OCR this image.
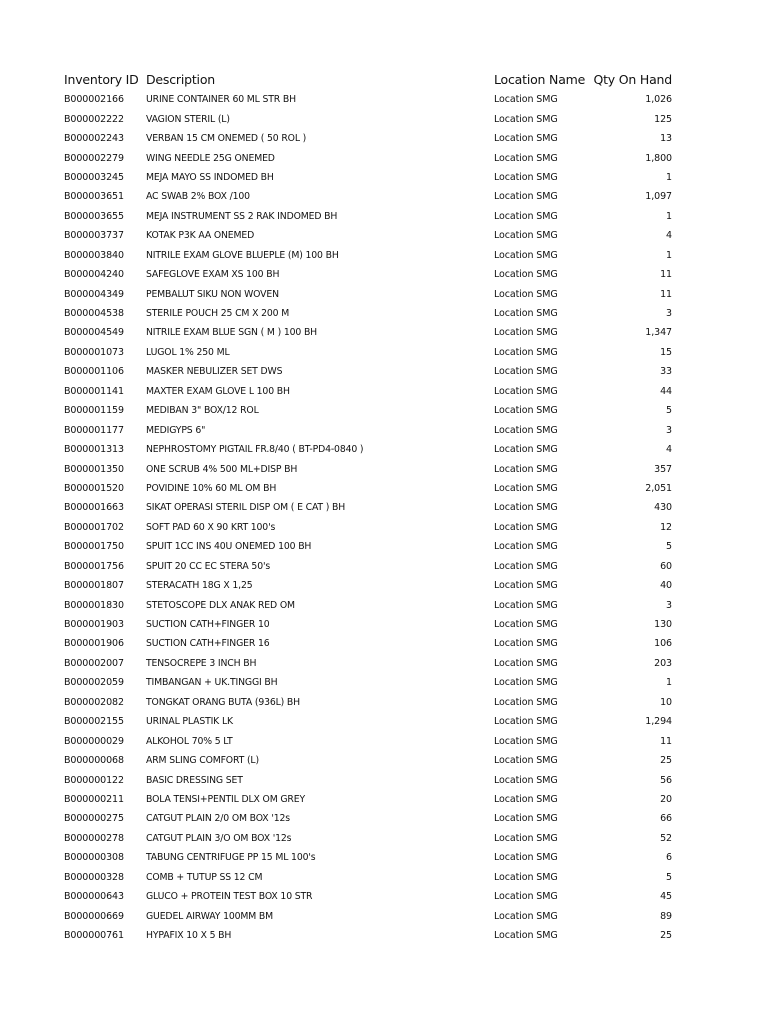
Inventory ID	Description	Location Name	Qty On Hand
B000002166	URINE CONTAINER 60 ML STR BH	Location SMG	1,026
B000002222	VAGION STERIL (L)	Location SMG	125
B000002243	VERBAN 15 CM ONEMED ( 50 ROL )	Location SMG	13
B000002279	WING NEEDLE 25G ONEMED	Location SMG	1,800
B000003245	MEJA MAYO SS INDOMED BH	Location SMG	1
B000003651	AC SWAB 2% BOX /100	Location SMG	1,097
B000003655	MEJA INSTRUMENT SS 2 RAK INDOMED BH	Location SMG	1
B000003737	KOTAK P3K AA ONEMED	Location SMG	4
B000003840	NITRILE EXAM GLOVE BLUEPLE (M) 100 BH	Location SMG	1
B000004240	SAFEGLOVE EXAM XS 100 BH	Location SMG	11
B000004349	PEMBALUT SIKU NON WOVEN	Location SMG	11
B000004538	STERILE POUCH 25 CM X 200 M	Location SMG	3
B000004549	NITRILE EXAM BLUE SGN ( M ) 100 BH	Location SMG	1,347
B000001073	LUGOL 1% 250 ML	Location SMG	15
B000001106	MASKER NEBULIZER SET DWS	Location SMG	33
B000001141	MAXTER EXAM GLOVE L 100 BH	Location SMG	44
B000001159	MEDIBAN 3" BOX/12 ROL	Location SMG	5
B000001177	MEDIGYPS 6"	Location SMG	3
B000001313	NEPHROSTOMY PIGTAIL FR.8/40 ( BT-PD4-0840 )	Location SMG	4
B000001350	ONE SCRUB 4% 500 ML+DISP BH	Location SMG	357
B000001520	POVIDINE 10% 60 ML OM BH	Location SMG	2,051
B000001663	SIKAT OPERASI STERIL DISP OM ( E CAT ) BH	Location SMG	430
B000001702	SOFT PAD 60 X 90 KRT 100's	Location SMG	12
B000001750	SPUIT 1CC INS 40U ONEMED 100 BH	Location SMG	5
B000001756	SPUIT 20 CC EC STERA 50's	Location SMG	60
B000001807	STERACATH 18G X 1,25	Location SMG	40
B000001830	STETOSCOPE DLX ANAK RED OM	Location SMG	3
B000001903	SUCTION CATH+FINGER 10	Location SMG	130
B000001906	SUCTION CATH+FINGER 16	Location SMG	106
B000002007	TENSOCREPE 3 INCH BH	Location SMG	203
B000002059	TIMBANGAN + UK.TINGGI BH	Location SMG	1
B000002082	TONGKAT ORANG BUTA (936L) BH	Location SMG	10
B000002155	URINAL PLASTIK LK	Location SMG	1,294
B000000029	ALKOHOL 70% 5 LT	Location SMG	11
B000000068	ARM SLING COMFORT (L)	Location SMG	25
B000000122	BASIC DRESSING SET	Location SMG	56
B000000211	BOLA TENSI+PENTIL DLX OM GREY	Location SMG	20
B000000275	CATGUT PLAIN 2/0 OM BOX '12s	Location SMG	66
B000000278	CATGUT PLAIN 3/O OM BOX '12s	Location SMG	52
B000000308	TABUNG CENTRIFUGE PP 15 ML 100's	Location SMG	6
B000000328	COMB + TUTUP SS 12 CM	Location SMG	5
B000000643	GLUCO + PROTEIN TEST BOX 10 STR	Location SMG	45
B000000669	GUEDEL AIRWAY 100MM BM	Location SMG	89
B000000761	HYPAFIX 10 X 5 BH	Location SMG	25
